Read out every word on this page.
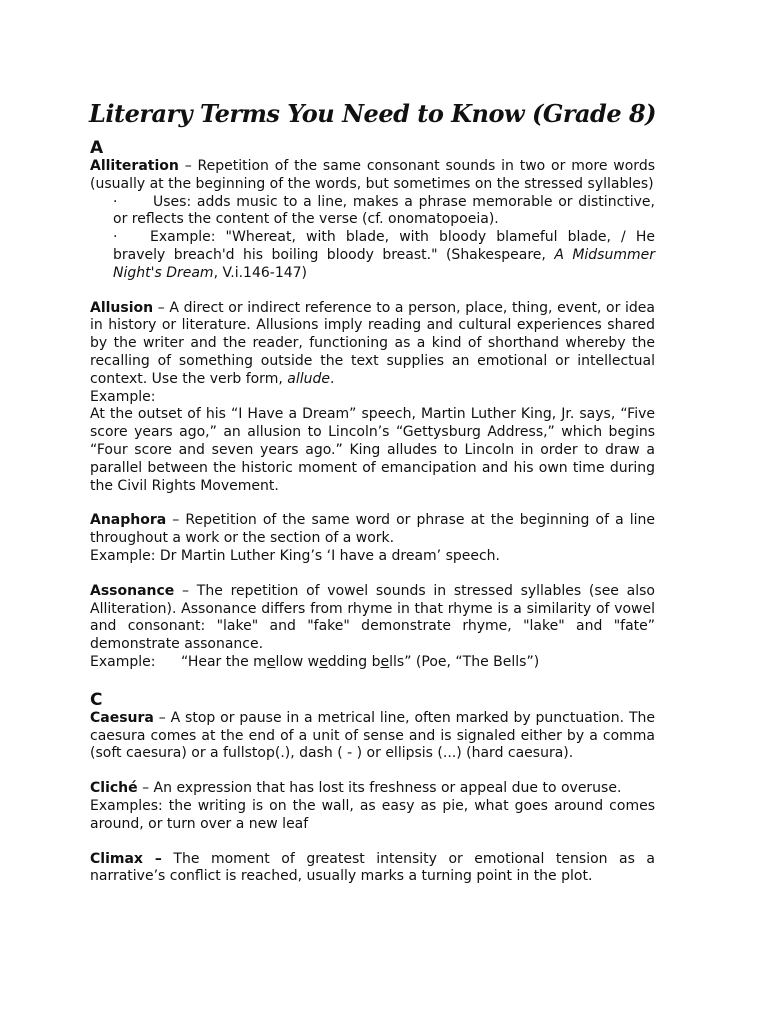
Literary Terms You Need to Know (Grade 8)
A

Alliteration – Repetition of the same consonant sounds in two or more words (usually at the beginning of the words, but sometimes on the stressed syllables)

·	Uses: adds music to a line, makes a phrase memorable or distinctive, or reflects the content of the verse (cf. onomatopoeia).

· Example: "Whereat, with blade, with bloody blameful blade, / He bravely breach'd his boiling bloody breast." (Shakespeare, A Midsummer Night's Dream, V.i.146-147)

Allusion – A direct or indirect reference to a person, place, thing, event, or idea in history or literature. Allusions imply reading and cultural experiences shared by the writer and the reader, functioning as a kind of shorthand whereby the recalling of something outside the text supplies an emotional or intellectual context. Use the verb form, allude.

Example:

At the outset of his “I Have a Dream” speech, Martin Luther King, Jr. says, “Five score years ago,” an allusion to Lincoln’s “Gettysburg Address,” which begins “Four score and seven years ago.” King alludes to Lincoln in order to draw a parallel between the historic moment of emancipation and his own time during the Civil Rights Movement.

Anaphora – Repetition of the same word or phrase at the beginning of a line throughout a work or the section of a work.

Example: Dr Martin Luther King’s ‘I have a dream’ speech.

Assonance – The repetition of vowel sounds in stressed syllables (see also Alliteration). Assonance differs from rhyme in that rhyme is a similarity of vowel and consonant: "lake" and "fake" demonstrate rhyme, "lake" and "fate” demonstrate assonance.

Example: “Hear the mellow wedding bells” (Poe, “The Bells”)

C

Caesura – A stop or pause in a metrical line, often marked by punctuation. The caesura comes at the end of a unit of sense and is signaled either by a comma (soft caesura) or a fullstop(.), dash ( - ) or ellipsis (...) (hard caesura).

Cliché – An expression that has lost its freshness or appeal due to overuse.

Examples: the writing is on the wall, as easy as pie, what goes around comes around, or turn over a new leaf

Climax – The moment of greatest intensity or emotional tension as a narrative’s conflict is reached, usually marks a turning point in the plot.
